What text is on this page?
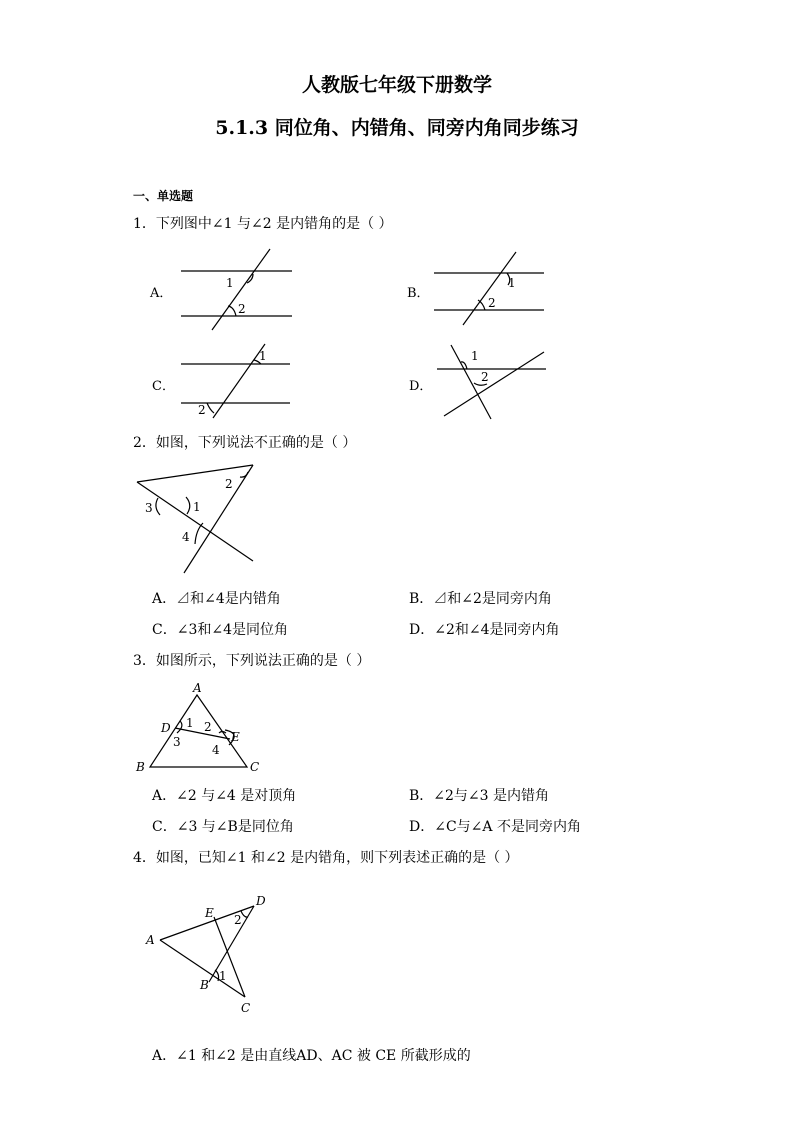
人教版七年级下册数学
5.1.3 同位角、内错角、同旁内角同步练习
一、单选题
1．下列图中∠1 与∠2 是内错角的是（ ）
A．
1
2
B．
1
2
C．
1
2
D．
1
2
2．如图，下列说法不正确的是（ ）
3	1
2
4
A．⊿和∠4是内错角	B．⊿和∠2是同旁内角
C．∠3和∠4是同位角	D．∠2和∠4是同旁内角
3．如图所示，下列说法正确的是（ ）
A
B	C
D
E
1 2
3
4
A．∠2 与∠4 是对顶角	B．∠2与∠3 是内错角
C．∠3 与∠B是同位角	D．∠C与∠A 不是同旁内角
4．如图，已知∠1 和∠2 是内错角，则下列表述正确的是（ ）
A
B
C
D
E
1
2
A．∠1 和∠2 是由直线AD、AC 被 CE 所截形成的
